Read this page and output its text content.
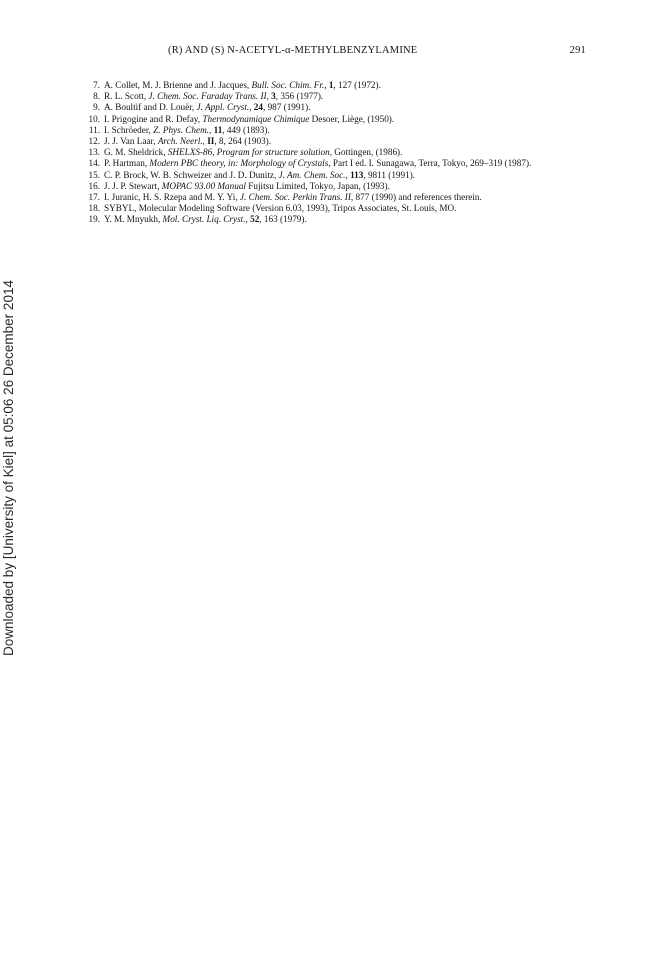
(R) AND (S) N-ACETYL-α-METHYLBENZYLAMINE	291
7. A. Collet, M. J. Brienne and J. Jacques, Bull. Soc. Chim. Fr., 1, 127 (1972).
8. R. L. Scott, J. Chem. Soc. Faraday Trans. II, 3, 356 (1977).
9. A. Boultif and D. Louër, J. Appl. Cryst., 24, 987 (1991).
10. I. Prigogine and R. Defay, Thermodynamique Chimique Desoer, Liège, (1950).
11. I. Schröeder, Z. Phys. Chem., 11, 449 (1893).
12. J. J. Van Laar, Arch. Neerl., II, 8, 264 (1903).
13. G. M. Sheldrick, SHELXS-86, Program for structure solution, Gottingen, (1986).
14. P. Hartman, Modern PBC theory, in: Morphology of Crystals, Part I ed. I. Sunagawa, Terra, Tokyo, 269–319 (1987).
15. C. P. Brock, W. B. Schweizer and J. D. Dunitz, J. Am. Chem. Soc., 113, 9811 (1991).
16. J. J. P. Stewart, MOPAC 93.00 Manual Fujitsu Limited, Tokyo, Japan, (1993).
17. I. Juranic, H. S. Rzepa and M. Y. Yi, J. Chem. Soc. Perkin Trans. II, 877 (1990) and references therein.
18. SYBYL, Molecular Modeling Software (Version 6.03, 1993), Tripos Associates, St. Louis, MO.
19. Y. M. Mnyukh, Mol. Cryst. Liq. Cryst., 52, 163 (1979).
Downloaded by [University of Kiel] at 05:06 26 December 2014
